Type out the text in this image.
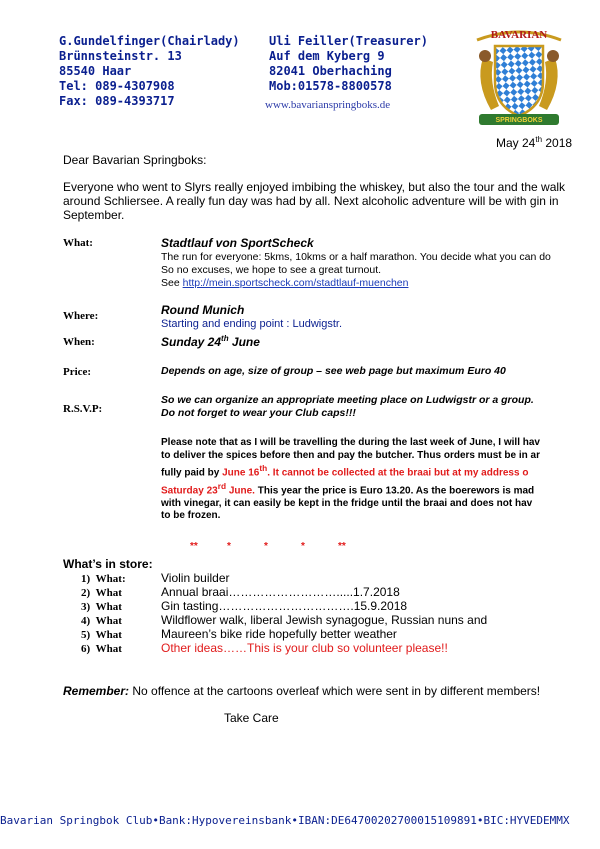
G.Gundelfinger(Chairlady)
Brünnsteinstr. 13
85540 Haar
Tel: 089-4307908
Fax: 089-4393717
Uli Feiller(Treasurer)
Auf dem Kyberg 9
82041 Oberhaching
Mob:01578-8800578
www.bavarianspringboks.de
BAVARIAN
SPRINGBOKS
May 24th 2018
Dear Bavarian Springboks:
Everyone who went to Slyrs really enjoyed imbibing the whiskey, but also the tour and the walk around Schliersee. A really fun day was had by all. Next alcoholic adventure will be with gin in September.
What:	Stadtlauf von SportScheck
The run for everyone: 5kms, 10kms or a half marathon. You decide what you can do
So no excuses, we hope to see a great turnout.
See http://mein.sportscheck.com/stadtlauf-muenchen
Where:	Round Munich
Starting and ending point : Ludwigstr.
When:	Sunday 24th June
Price:	Depends on age, size of group – see web page but maximum Euro 40
R.S.V.P:
So we can organize an appropriate meeting place on Ludwigstr or a group.
Do not forget to wear your Club caps!!!
Please note that as I will be travelling the during the last week of June, I will hav
to deliver the spices before then and pay the butcher. Thus orders must be in ar
fully paid by June 16th. It cannot be collected at the braai but at my address o
Saturday 23rd June. This year the price is Euro 13.20. As the boerewors is mad
with vinegar, it can easily be kept in the fridge until the braai and does not hav
to be frozen.
**	*	*	*	**
What’s in store:
1) What:	Violin builder
2) What	Annual braai……………………….....1.7.2018
3) What	Gin tasting…………………………….15.9.2018
4) What	Wildflower walk, liberal Jewish synagogue, Russian nuns and
5) What	Maureen’s bike ride hopefully better weather
6) What	Other ideas……This is your club so volunteer please!!
Remember: No offence at the cartoons overleaf which were sent in by different members!
Take Care
Bavarian Springbok Club•Bank:Hypovereinsbank•IBAN:DE64700202700015109891•BIC:HYVEDEMMX
